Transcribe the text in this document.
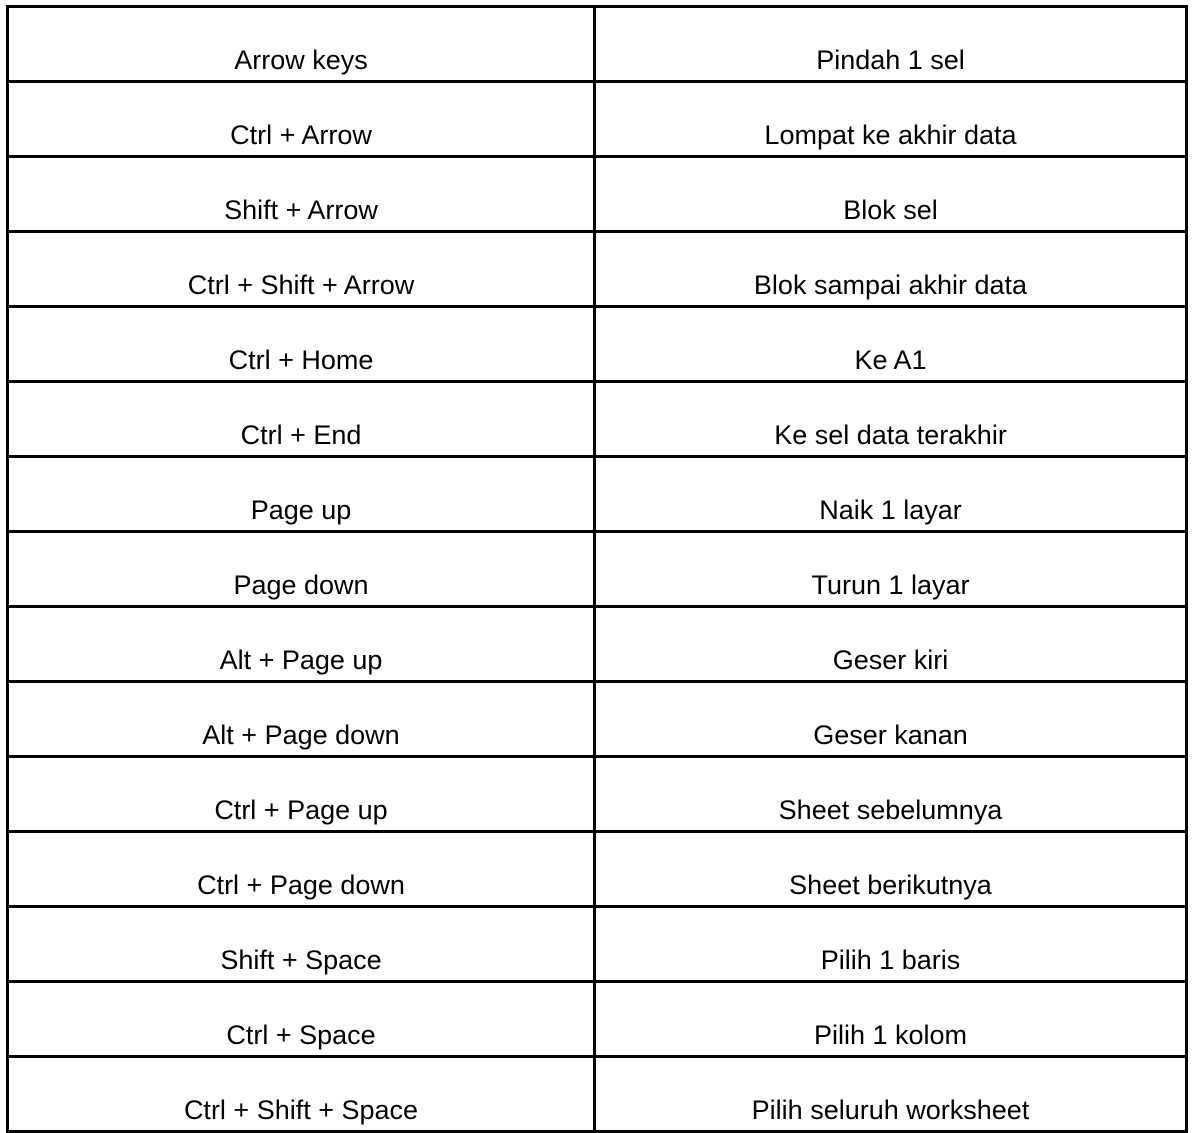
Arrow keys	Pindah 1 sel
Ctrl + Arrow	Lompat ke akhir data
Shift + Arrow	Blok sel
Ctrl + Shift + Arrow	Blok sampai akhir data
Ctrl + Home	Ke A1
Ctrl + End	Ke sel data terakhir
Page up	Naik 1 layar
Page down	Turun 1 layar
Alt + Page up	Geser kiri
Alt + Page down	Geser kanan
Ctrl + Page up	Sheet sebelumnya
Ctrl + Page down	Sheet berikutnya
Shift + Space	Pilih 1 baris
Ctrl + Space	Pilih 1 kolom
Ctrl + Shift + Space	Pilih seluruh worksheet
